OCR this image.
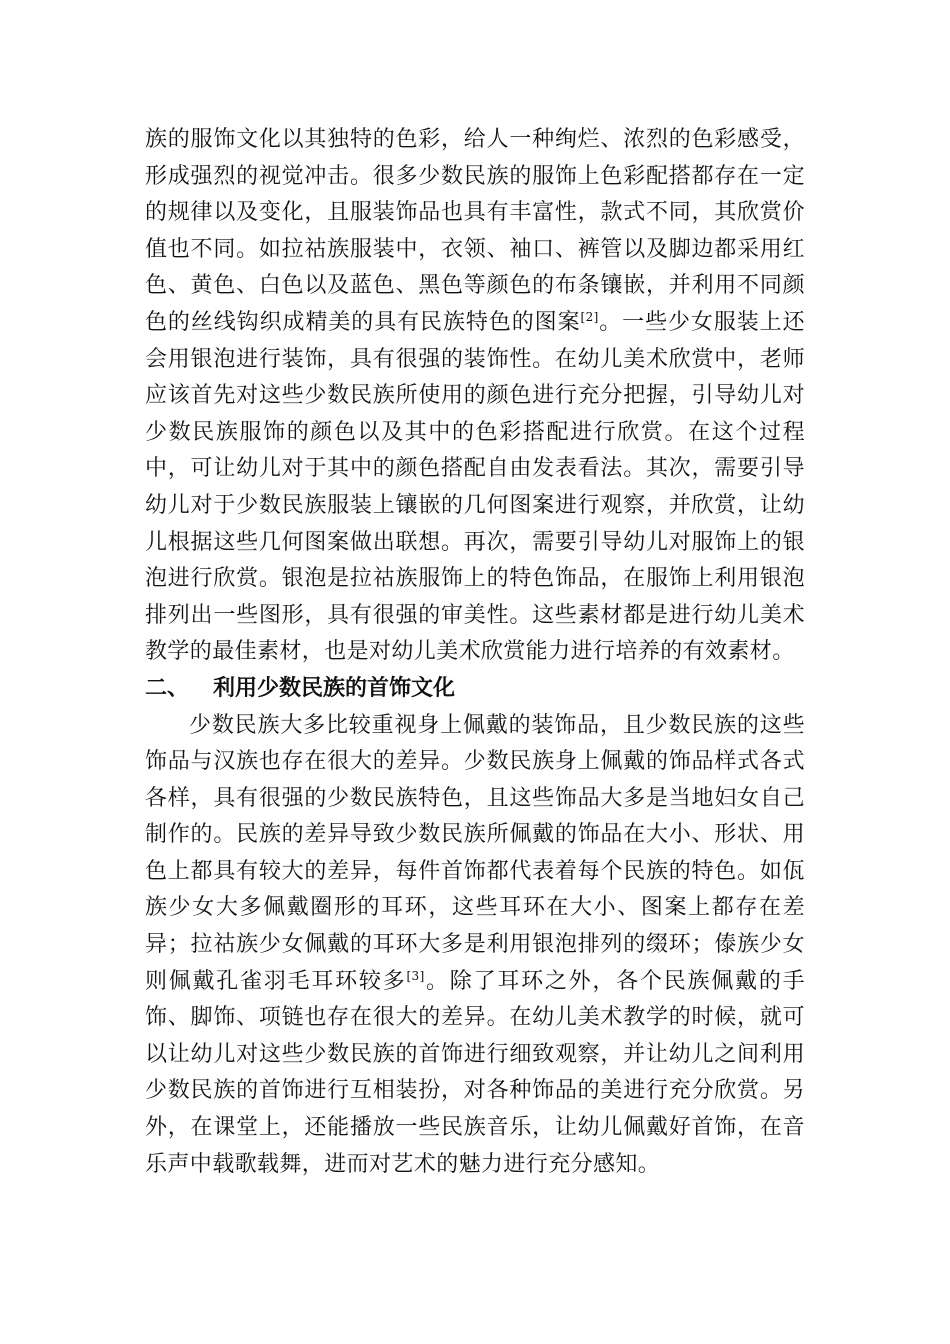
族的服饰文化以其独特的色彩，给人一种绚烂、浓烈的色彩感受，形成强烈的视觉冲击。很多少数民族的服饰上色彩配搭都存在一定的规律以及变化，且服装饰品也具有丰富性，款式不同，其欣赏价值也不同。如拉祜族服装中，衣领、袖口、裤管以及脚边都采用红色、黄色、白色以及蓝色、黑色等颜色的布条镶嵌，并利用不同颜色的丝线钩织成精美的具有民族特色的图案[2]。一些少女服装上还会用银泡进行装饰，具有很强的装饰性。在幼儿美术欣赏中，老师应该首先对这些少数民族所使用的颜色进行充分把握，引导幼儿对少数民族服饰的颜色以及其中的色彩搭配进行欣赏。在这个过程中，可让幼儿对于其中的颜色搭配自由发表看法。其次，需要引导幼儿对于少数民族服装上镶嵌的几何图案进行观察，并欣赏，让幼儿根据这些几何图案做出联想。再次，需要引导幼儿对服饰上的银泡进行欣赏。银泡是拉祜族服饰上的特色饰品，在服饰上利用银泡排列出一些图形，具有很强的审美性。这些素材都是进行幼儿美术教学的最佳素材，也是对幼儿美术欣赏能力进行培养的有效素材。

二、	利用少数民族的首饰文化

少数民族大多比较重视身上佩戴的装饰品，且少数民族的这些饰品与汉族也存在很大的差异。少数民族身上佩戴的饰品样式各式各样，具有很强的少数民族特色，且这些饰品大多是当地妇女自己制作的。民族的差异导致少数民族所佩戴的饰品在大小、形状、用色上都具有较大的差异，每件首饰都代表着每个民族的特色。如佤族少女大多佩戴圈形的耳环，这些耳环在大小、图案上都存在差异；拉祜族少女佩戴的耳环大多是利用银泡排列的缀环；傣族少女则佩戴孔雀羽毛耳环较多[3]。除了耳环之外，各个民族佩戴的手饰、脚饰、项链也存在很大的差异。在幼儿美术教学的时候，就可以让幼儿对这些少数民族的首饰进行细致观察，并让幼儿之间利用少数民族的首饰进行互相装扮，对各种饰品的美进行充分欣赏。另外，在课堂上，还能播放一些民族音乐，让幼儿佩戴好首饰，在音乐声中载歌载舞，进而对艺术的魅力进行充分感知。
